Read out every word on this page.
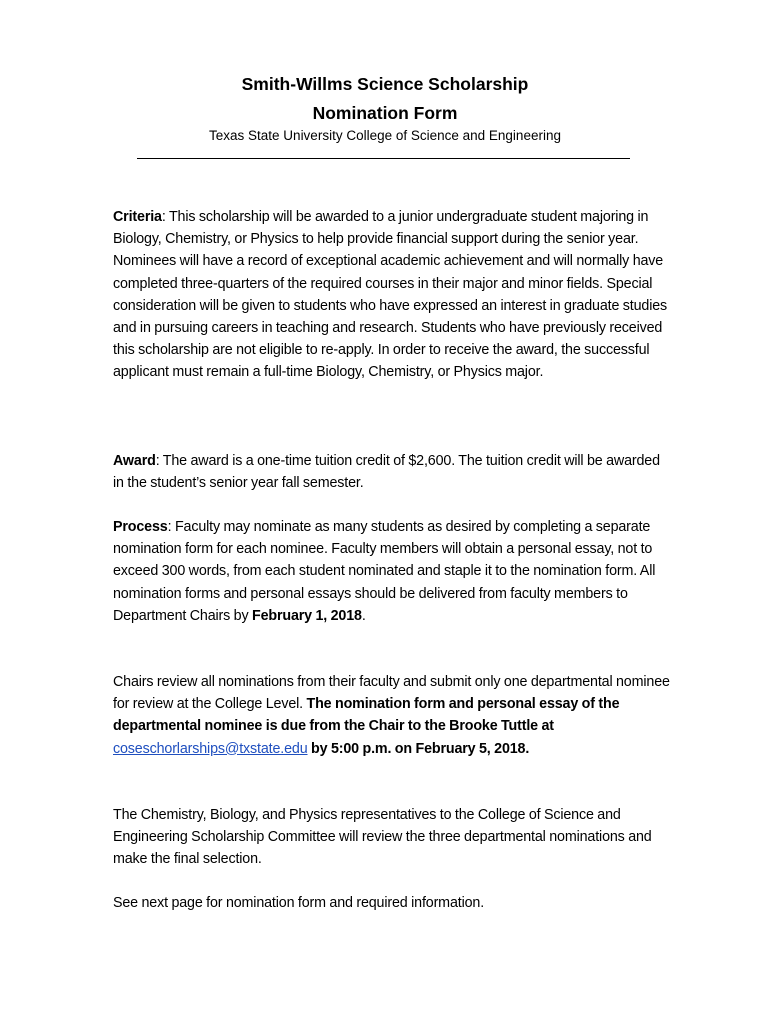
Smith-Willms Science Scholarship
Nomination Form
Texas State University College of Science and Engineering

Criteria: This scholarship will be awarded to a junior undergraduate student majoring in Biology, Chemistry, or Physics to help provide financial support during the senior year. Nominees will have a record of exceptional academic achievement and will normally have completed three-quarters of the required courses in their major and minor fields. Special consideration will be given to students who have expressed an interest in graduate studies and in pursuing careers in teaching and research. Students who have previously received this scholarship are not eligible to re-apply. In order to receive the award, the successful applicant must remain a full-time Biology, Chemistry, or Physics major.

Award: The award is a one-time tuition credit of $2,600. The tuition credit will be awarded in the student’s senior year fall semester.

Process: Faculty may nominate as many students as desired by completing a separate nomination form for each nominee. Faculty members will obtain a personal essay, not to exceed 300 words, from each student nominated and staple it to the nomination form. All nomination forms and personal essays should be delivered from faculty members to Department Chairs by February 1, 2018.

Chairs review all nominations from their faculty and submit only one departmental nominee for review at the College Level. The nomination form and personal essay of the departmental nominee is due from the Chair to the Brooke Tuttle at coseschorlarships@txstate.edu by 5:00 p.m. on February 5, 2018.

The Chemistry, Biology, and Physics representatives to the College of Science and Engineering Scholarship Committee will review the three departmental nominations and make the final selection.

See next page for nomination form and required information.
